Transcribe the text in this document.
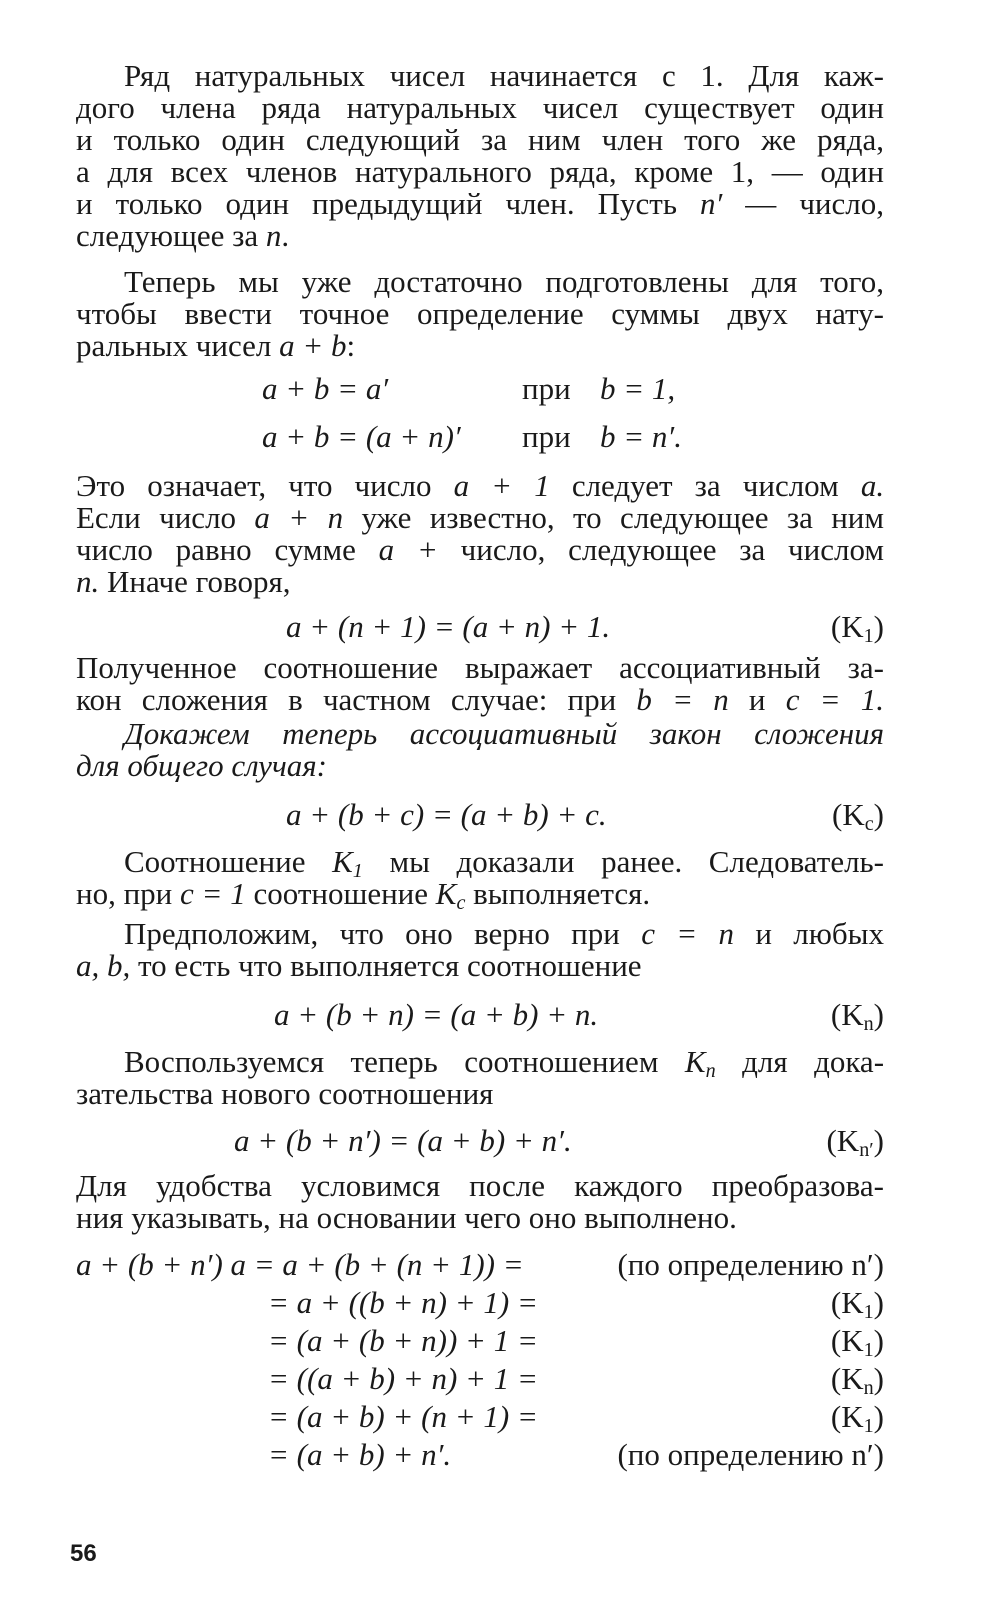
Ряд натуральных чисел начинается с 1. Для каж-
дого члена ряда натуральных чисел существует один
и только один следующий за ним член того же ряда,
а для всех членов натурального ряда, кроме 1, — один
и только один предыдущий член. Пусть n′ — число,
следующее за n.
Теперь мы уже достаточно подготовлены для того,
чтобы ввести точное определение суммы двух нату-
ральных чисел a + b:
a + b = a′	при b = 1,
a + b = (a + n)′ при b = n′.
Это означает, что число a + 1 следует за числом a.
Если число a + n уже известно, то следующее за ним
число равно сумме a + число, следующее за числом
n. Иначе говоря,
a + (n + 1) = (a + n) + 1.	$(K_1)$
Полученное соотношение выражает ассоциативный за-
кон сложения в частном случае: при b = n и c = 1.
Докажем теперь ассоциативный закон сложения
для общего случая:
a + (b + c) = (a + b) + c.	$(K_c)$
Соотношение $K_1$ мы доказали ранее. Следователь-
но, при c = 1 соотношение $K_c$ выполняется.
Предположим, что оно верно при c = n и любых
a, b, то есть что выполняется соотношение
a + (b + n) = (a + b) + n.	$(K_n)$
Воспользуемся теперь соотношением $K_n$ для дока-
зательства нового соотношения
a + (b + n′) = (a + b) + n′.	$(K_{n'})$
Для удобства условимся после каждого преобразова-
ния указывать, на основании чего оно выполнено.
a + (b + n′) a = a + (b + (n + 1)) =	(по определению n′)
= a + ((b + n) + 1) =	$(K_1)$
= (a + (b + n)) + 1 =	$(K_1)$
= ((a + b) + n) + 1 =	$(K_n)$
= (a + b) + (n + 1) =	$(K_1)$
= (a + b) + n′.	(по определению n′)
56
